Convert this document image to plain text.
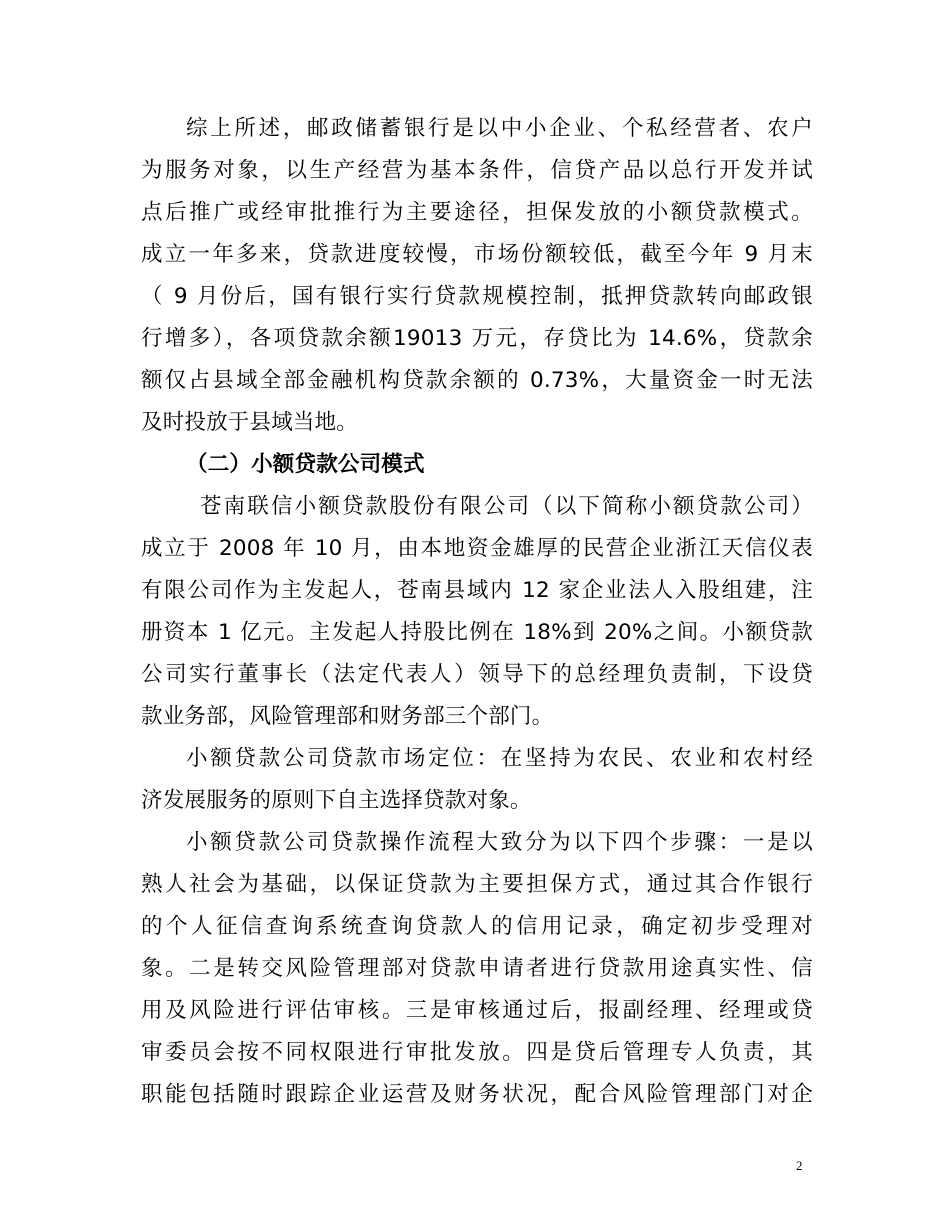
综上所述，邮政储蓄银行是以中小企业、个私经营者、农户
为服务对象，以生产经营为基本条件，信贷产品以总行开发并试
点后推广或经审批推行为主要途径，担保发放的小额贷款模式。
成立一年多来，贷款进度较慢，市场份额较低，截至今年 9 月末
（ 9 月份后，国有银行实行贷款规模控制，抵押贷款转向邮政银
行增多），各项贷款余额19013 万元，存贷比为 14.6%，贷款余
额仅占县域全部金融机构贷款余额的 0.73%，大量资金一时无法
及时投放于县域当地。
（二）小额贷款公司模式
苍南联信小额贷款股份有限公司（以下简称小额贷款公司）
成立于 2008 年 10 月，由本地资金雄厚的民营企业浙江天信仪表
有限公司作为主发起人，苍南县域内 12 家企业法人入股组建，注
册资本 1 亿元。主发起人持股比例在 18%到 20%之间。小额贷款
公司实行董事长（法定代表人）领导下的总经理负责制，下设贷
款业务部，风险管理部和财务部三个部门。
小额贷款公司贷款市场定位：在坚持为农民、农业和农村经
济发展服务的原则下自主选择贷款对象。
小额贷款公司贷款操作流程大致分为以下四个步骤：一是以
熟人社会为基础，以保证贷款为主要担保方式，通过其合作银行
的个人征信查询系统查询贷款人的信用记录，确定初步受理对
象。二是转交风险管理部对贷款申请者进行贷款用途真实性、信
用及风险进行评估审核。三是审核通过后，报副经理、经理或贷
审委员会按不同权限进行审批发放。四是贷后管理专人负责，其
职能包括随时跟踪企业运营及财务状况，配合风险管理部门对企
2
